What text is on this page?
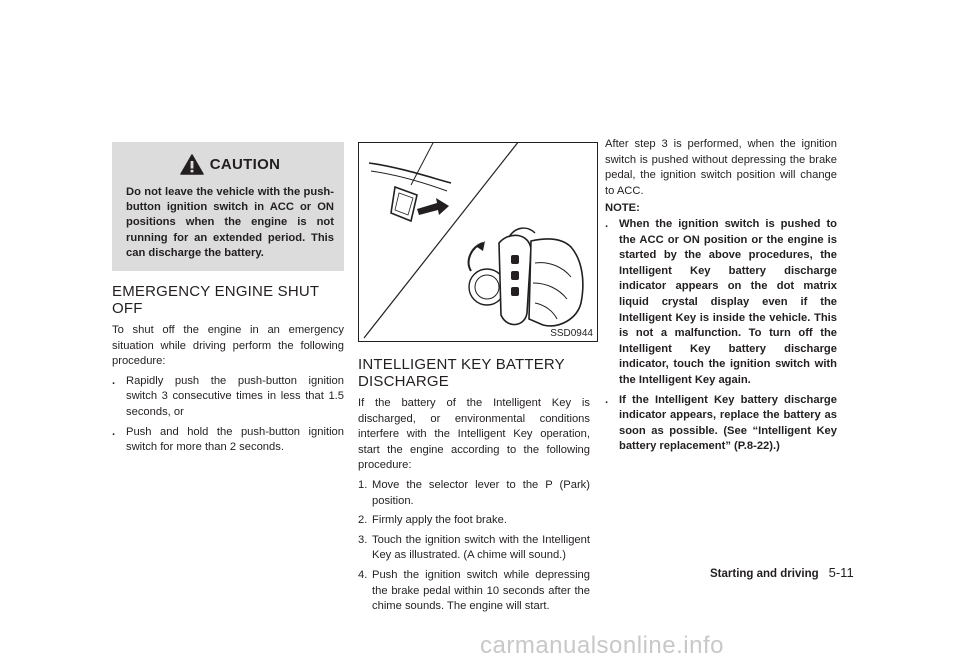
CAUTION
Do not leave the vehicle with the push-button ignition switch in ACC or ON positions when the engine is not running for an extended period. This can discharge the battery.
EMERGENCY ENGINE SHUT OFF

To shut off the engine in an emergency situation while driving perform the following procedure:

. Rapidly push the push-button ignition switch 3 consecutive times in less that 1.5 seconds, or
. Push and hold the push-button ignition switch for more than 2 seconds.
SSD0944
INTELLIGENT KEY BATTERY DISCHARGE

If the battery of the Intelligent Key is discharged, or environmental conditions interfere with the Intelligent Key operation, start the engine according to the following procedure:

1. Move the selector lever to the P (Park) position.
2. Firmly apply the foot brake.
3. Touch the ignition switch with the Intelligent Key as illustrated. (A chime will sound.)
4. Push the ignition switch while depressing the brake pedal within 10 seconds after the chime sounds. The engine will start.

After step 3 is performed, when the ignition switch is pushed without depressing the brake pedal, the ignition switch position will change to ACC.

NOTE:
. When the ignition switch is pushed to the ACC or ON position or the engine is started by the above procedures, the Intelligent Key battery discharge indicator appears on the dot matrix liquid crystal display even if the Intelligent Key is inside the vehicle. This is not a malfunction. To turn off the Intelligent Key battery discharge indicator, touch the ignition switch with the Intelligent Key again.
. If the Intelligent Key battery discharge indicator appears, replace the battery as soon as possible. (See “Intelligent Key battery replacement” (P.8-22).)
Starting and driving 5-11
carmanualsonline.info
